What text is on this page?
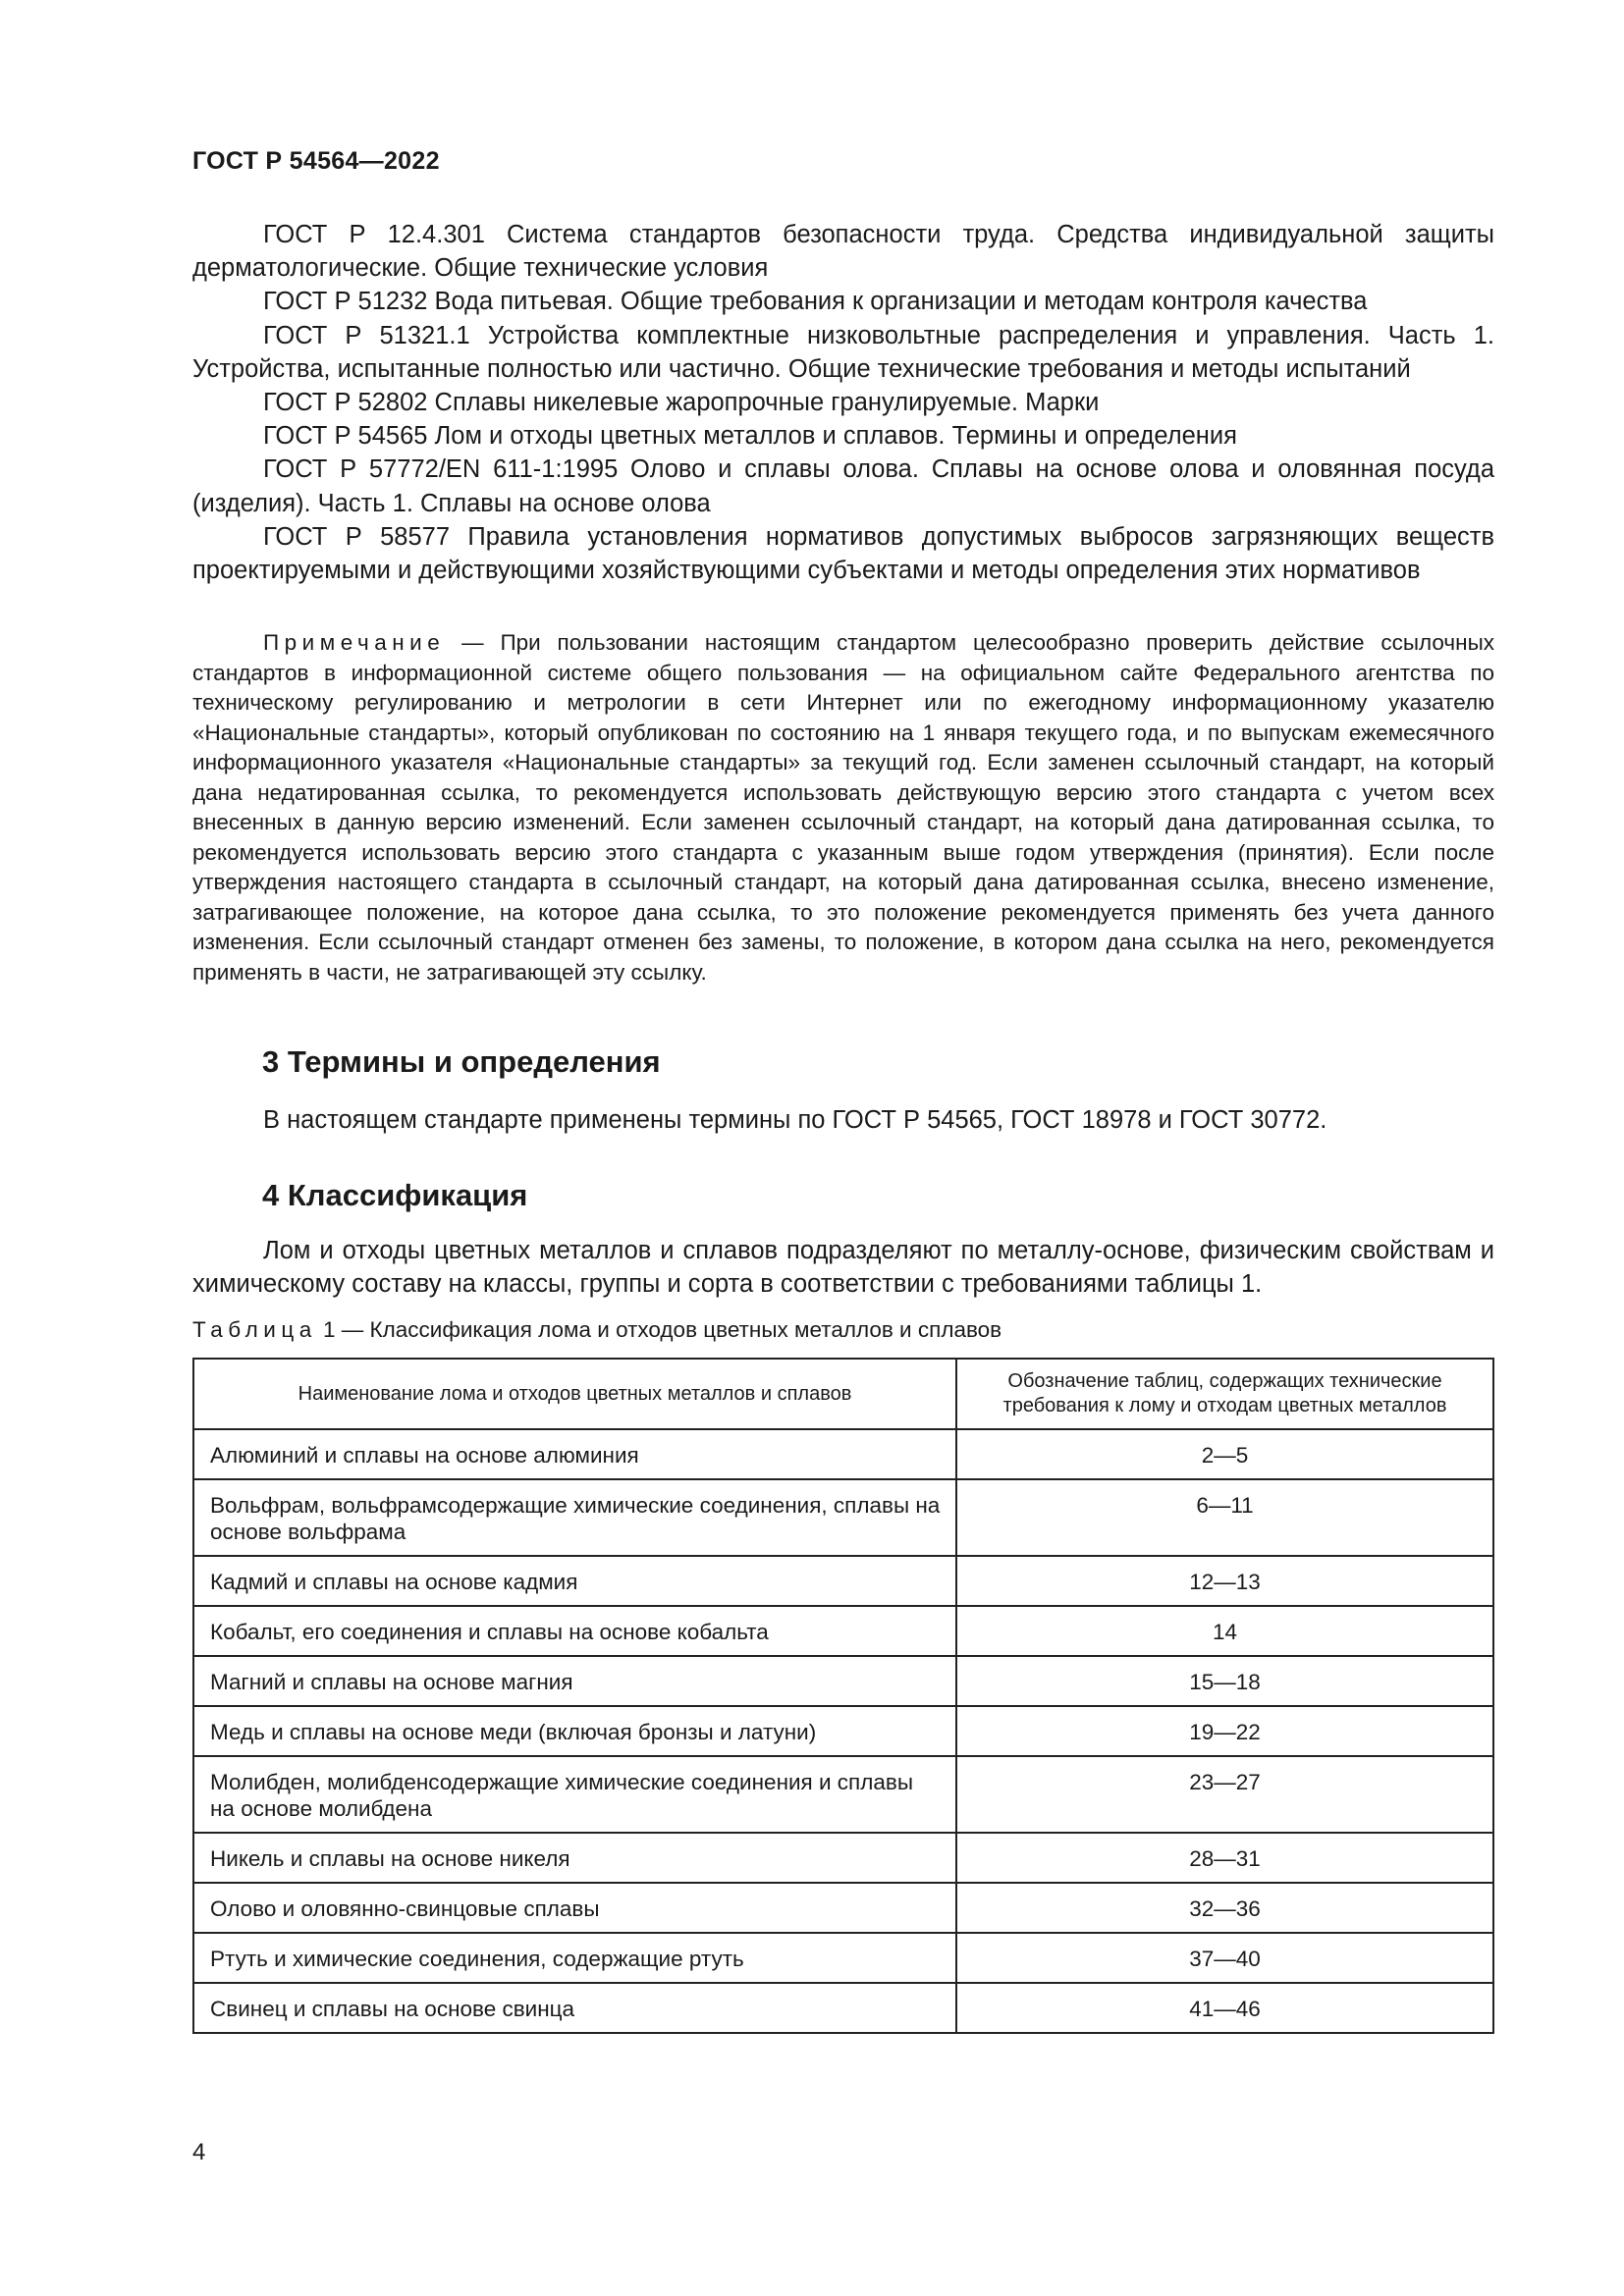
ГОСТ Р 54564—2022

ГОСТ Р 12.4.301 Система стандартов безопасности труда. Средства индивидуальной защиты дерматологические. Общие технические условия

ГОСТ Р 51232 Вода питьевая. Общие требования к организации и методам контроля качества

ГОСТ Р 51321.1 Устройства комплектные низковольтные распределения и управления. Часть 1. Устройства, испытанные полностью или частично. Общие технические требования и методы испытаний

ГОСТ Р 52802 Сплавы никелевые жаропрочные гранулируемые. Марки

ГОСТ Р 54565 Лом и отходы цветных металлов и сплавов. Термины и определения

ГОСТ Р 57772/EN 611-1:1995 Олово и сплавы олова. Сплавы на основе олова и оловянная посуда (изделия). Часть 1. Сплавы на основе олова

ГОСТ Р 58577 Правила установления нормативов допустимых выбросов загрязняющих веществ проектируемыми и действующими хозяйствующими субъектами и методы определения этих нормативов

Примечание — При пользовании настоящим стандартом целесообразно проверить действие ссылочных стандартов в информационной системе общего пользования — на официальном сайте Федерального агентства по техническому регулированию и метрологии в сети Интернет или по ежегодному информационному указателю «Национальные стандарты», который опубликован по состоянию на 1 января текущего года, и по выпускам ежемесячного информационного указателя «Национальные стандарты» за текущий год. Если заменен ссылочный стандарт, на который дана недатированная ссылка, то рекомендуется использовать действующую версию этого стандарта с учетом всех внесенных в данную версию изменений. Если заменен ссылочный стандарт, на который дана датированная ссылка, то рекомендуется использовать версию этого стандарта с указанным выше годом утверждения (принятия). Если после утверждения настоящего стандарта в ссылочный стандарт, на который дана датированная ссылка, внесено изменение, затрагивающее положение, на которое дана ссылка, то это положение рекомендуется применять без учета данного изменения. Если ссылочный стандарт отменен без замены, то положение, в котором дана ссылка на него, рекомендуется применять в части, не затрагивающей эту ссылку.
3 Термины и определения

В настоящем стандарте применены термины по ГОСТ Р 54565, ГОСТ 18978 и ГОСТ 30772.

4 Классификация

Лом и отходы цветных металлов и сплавов подразделяют по металлу-основе, физическим свойствам и химическому составу на классы, группы и сорта в соответствии с требованиями таблицы 1.

Таблица 1 — Классификация лома и отходов цветных металлов и сплавов
Наименование лома и отходов цветных металлов и сплавов	Обозначение таблиц, содержащих технические требования к лому и отходам цветных металлов
Алюминий и сплавы на основе алюминия	2—5
Вольфрам, вольфрамсодержащие химические соединения, сплавы на основе вольфрама	6—11
Кадмий и сплавы на основе кадмия	12—13
Кобальт, его соединения и сплавы на основе кобальта	14
Магний и сплавы на основе магния	15—18
Медь и сплавы на основе меди (включая бронзы и латуни)	19—22
Молибден, молибденсодержащие химические соединения и сплавы на основе молибдена	23—27
Никель и сплавы на основе никеля	28—31
Олово и оловянно-свинцовые сплавы	32—36
Ртуть и химические соединения, содержащие ртуть	37—40
Свинец и сплавы на основе свинца	41—46
4
